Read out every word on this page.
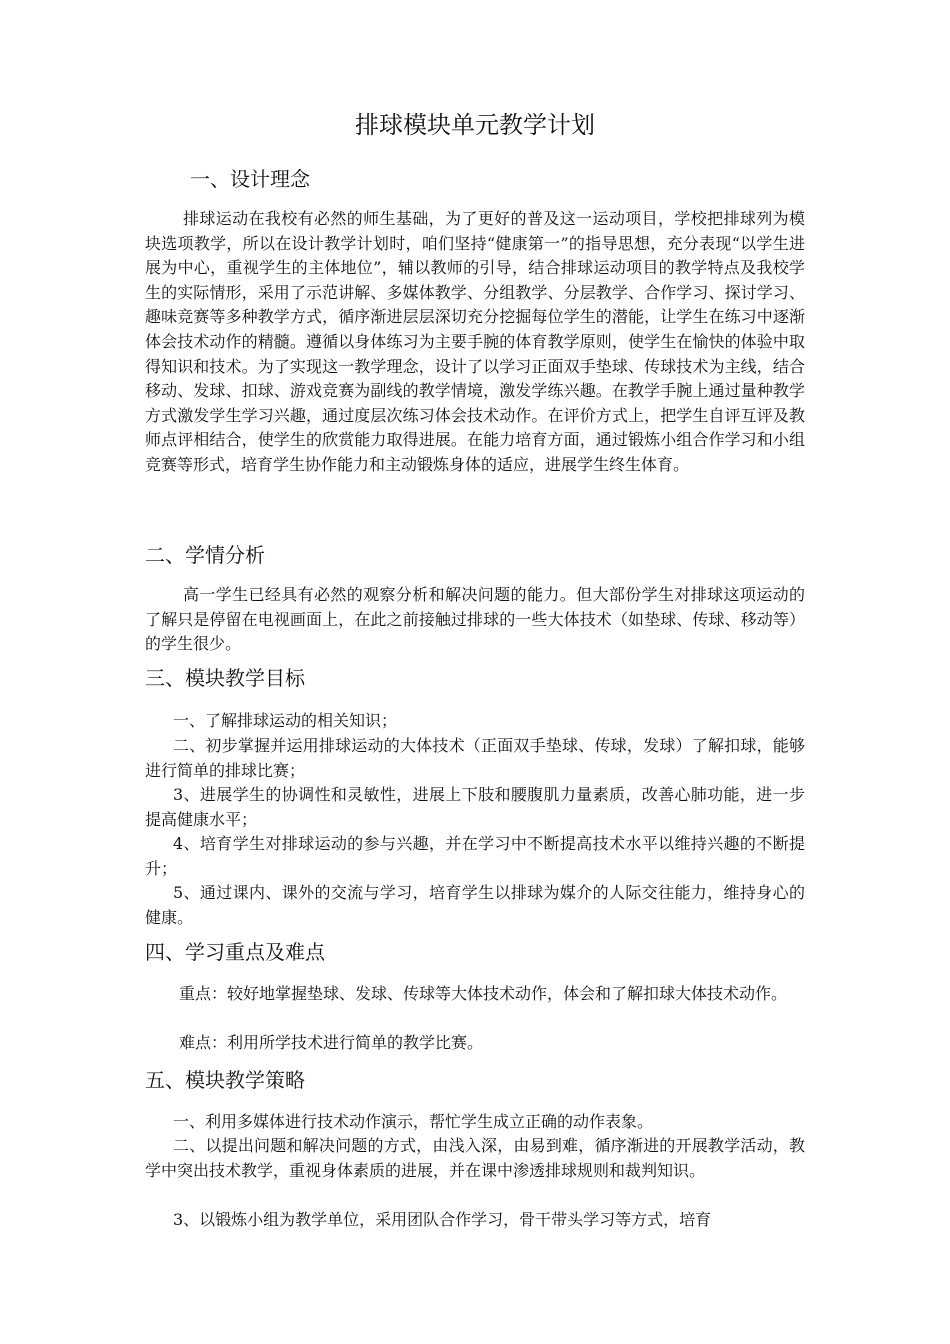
排球模块单元教学计划
一、设计理念

排球运动在我校有必然的师生基础，为了更好的普及这一运动项目，学校把排球列为模块选项教学，所以在设计教学计划时，咱们坚持“健康第一”的指导思想，充分表现“以学生进展为中心，重视学生的主体地位”，辅以教师的引导，结合排球运动项目的教学特点及我校学生的实际情形，采用了示范讲解、多媒体教学、分组教学、分层教学、合作学习、探讨学习、趣味竞赛等多种教学方式，循序渐进层层深切充分挖掘每位学生的潜能，让学生在练习中逐渐体会技术动作的精髓。遵循以身体练习为主要手腕的体育教学原则，使学生在愉快的体验中取得知识和技术。为了实现这一教学理念，设计了以学习正面双手垫球、传球技术为主线，结合移动、发球、扣球、游戏竞赛为副线的教学情境，激发学练兴趣。在教学手腕上通过量种教学方式激发学生学习兴趣，通过度层次练习体会技术动作。在评价方式上，把学生自评互评及教师点评相结合，使学生的欣赏能力取得进展。在能力培育方面，通过锻炼小组合作学习和小组竞赛等形式，培育学生协作能力和主动锻炼身体的适应，进展学生终生体育。

二、学情分析

高一学生已经具有必然的观察分析和解决问题的能力。但大部份学生对排球这项运动的了解只是停留在电视画面上，在此之前接触过排球的一些大体技术（如垫球、传球、移动等）的学生很少。

三、模块教学目标

一、了解排球运动的相关知识；

二、初步掌握并运用排球运动的大体技术（正面双手垫球、传球，发球）了解扣球，能够进行简单的排球比赛；

3、进展学生的协调性和灵敏性，进展上下肢和腰腹肌力量素质，改善心肺功能，进一步提高健康水平；

4、培育学生对排球运动的参与兴趣，并在学习中不断提高技术水平以维持兴趣的不断提升；

5、通过课内、课外的交流与学习，培育学生以排球为媒介的人际交往能力，维持身心的健康。

四、学习重点及难点

重点：较好地掌握垫球、发球、传球等大体技术动作，体会和了解扣球大体技术动作。

难点：利用所学技术进行简单的教学比赛。

五、模块教学策略

一、利用多媒体进行技术动作演示，帮忙学生成立正确的动作表象。

二、以提出问题和解决问题的方式，由浅入深，由易到难，循序渐进的开展教学活动，教学中突出技术教学，重视身体素质的进展，并在课中渗透排球规则和裁判知识。

3、以锻炼小组为教学单位，采用团队合作学习，骨干带头学习等方式，培育
